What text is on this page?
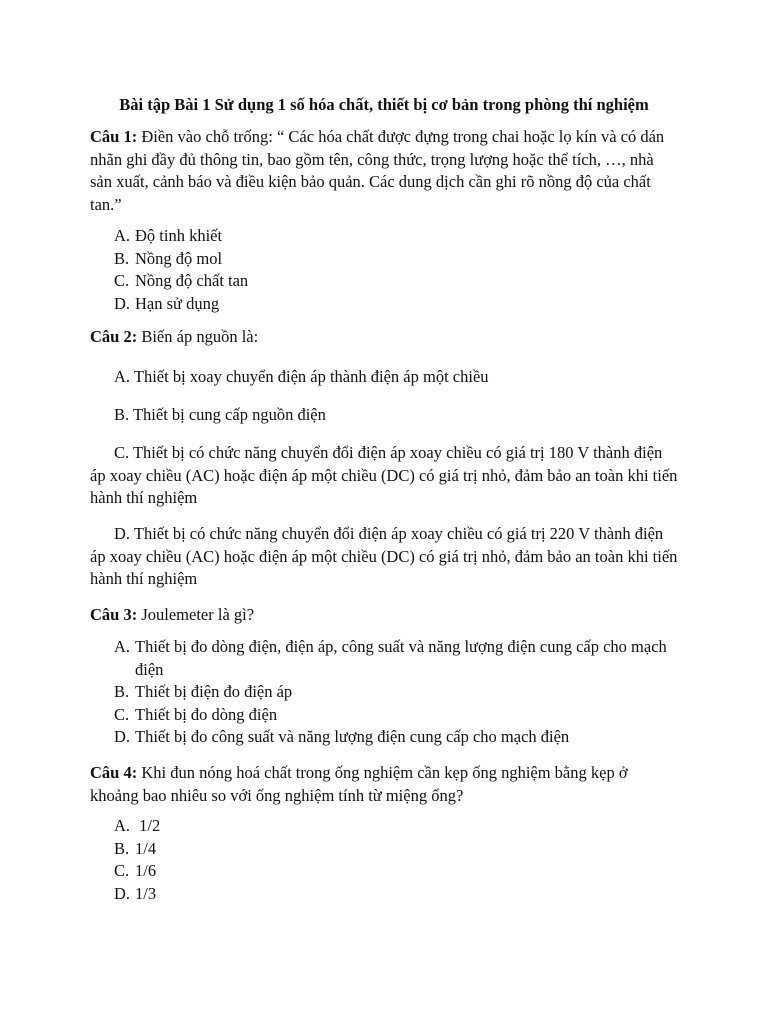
Bài tập Bài 1 Sử dụng 1 số hóa chất, thiết bị cơ bản trong phòng thí nghiệm
Câu 1: Điền vào chỗ trống: “ Các hóa chất được đựng trong chai hoặc lọ kín và có dán nhãn ghi đầy đủ thông tin, bao gồm tên, công thức, trọng lượng hoặc thể tích, …, nhà sản xuất, cảnh báo và điều kiện bảo quản. Các dung dịch cần ghi rõ nồng độ của chất tan.”
A. Độ tinh khiết
B. Nồng độ mol
C. Nồng độ chất tan
D. Hạn sử dụng
Câu 2: Biến áp nguồn là:
A. Thiết bị xoay chuyển điện áp thành điện áp một chiều
B. Thiết bị cung cấp nguồn điện
C. Thiết bị có chức năng chuyển đổi điện áp xoay chiều có giá trị 180 V thành điện áp xoay chiều (AC) hoặc điện áp một chiều (DC) có giá trị nhỏ, đảm bảo an toàn khi tiến hành thí nghiệm
D. Thiết bị có chức năng chuyển đổi điện áp xoay chiều có giá trị 220 V thành điện áp xoay chiều (AC) hoặc điện áp một chiều (DC) có giá trị nhỏ, đảm bảo an toàn khi tiến hành thí nghiệm
Câu 3: Joulemeter là gì?
A. Thiết bị đo dòng điện, điện áp, công suất và năng lượng điện cung cấp cho mạch điện
B. Thiết bị điện đo điện áp
C. Thiết bị đo dòng điện
D. Thiết bị đo công suất và năng lượng điện cung cấp cho mạch điện
Câu 4: Khi đun nóng hoá chất trong ống nghiệm cần kẹp ống nghiệm bằng kẹp ở khoảng bao nhiêu so với ống nghiệm tính từ miệng ống?
A. 1/2
B. 1/4
C. 1/6
D. 1/3
